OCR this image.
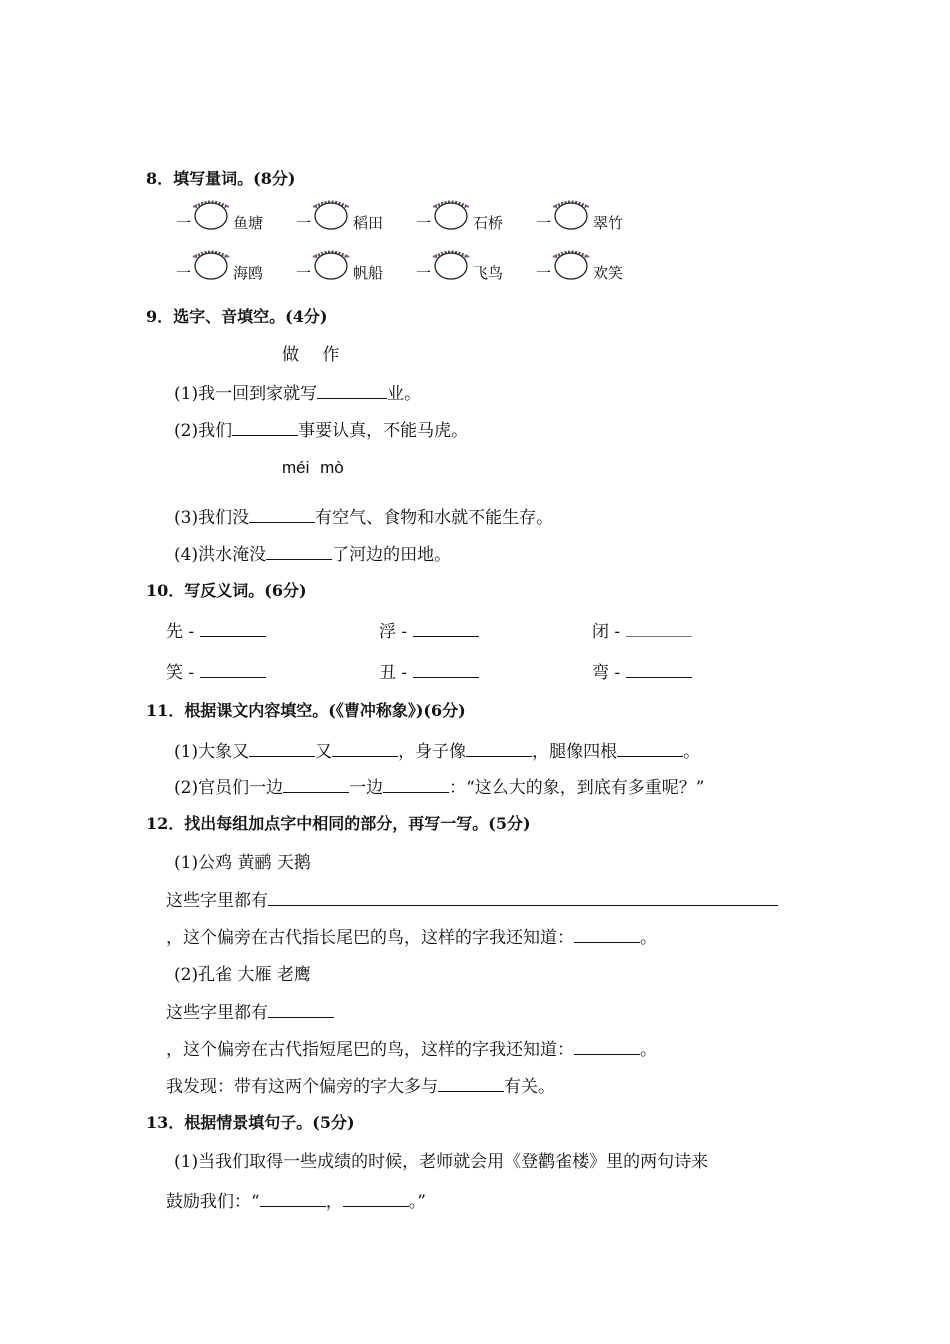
8．填写量词。(8分)
一	鱼塘 一	稻田 一	石桥 一	翠竹
一	海鸥 一	帆船 一	飞鸟 一	欢笑
9．选字、音填空。(4分)
做 作
(1)我一回到家就写	业。
(2)我们	事要认真，不能马虎。
méi mò
(3)我们没	有空气、食物和水就不能生存。
(4)洪水淹没	了河边的田地。
10．写反义词。(6分)
先 -	浮 -	闭 -
笑 -	丑 -	弯 -
11．根据课文内容填空。(《曹冲称象》)(6分)
(1)大象又	又	，身子像	，腿像四根	。
(2)官员们一边	一边	：“这么大的象，到底有多重呢？”
12．找出每组加点字中相同的部分，再写一写。(5分)
(1)公鸡 黄鹂 天鹅
这些字里都有
，这个偏旁在古代指长尾巴的鸟，这样的字我还知道：	。
(2)孔雀 大雁 老鹰
这些字里都有
，这个偏旁在古代指短尾巴的鸟，这样的字我还知道：	。
我发现：带有这两个偏旁的字大多与	有关。
13．根据情景填句子。(5分)
(1)当我们取得一些成绩的时候，老师就会用《登鹳雀楼》里的两句诗来
鼓励我们：“	，	。”
